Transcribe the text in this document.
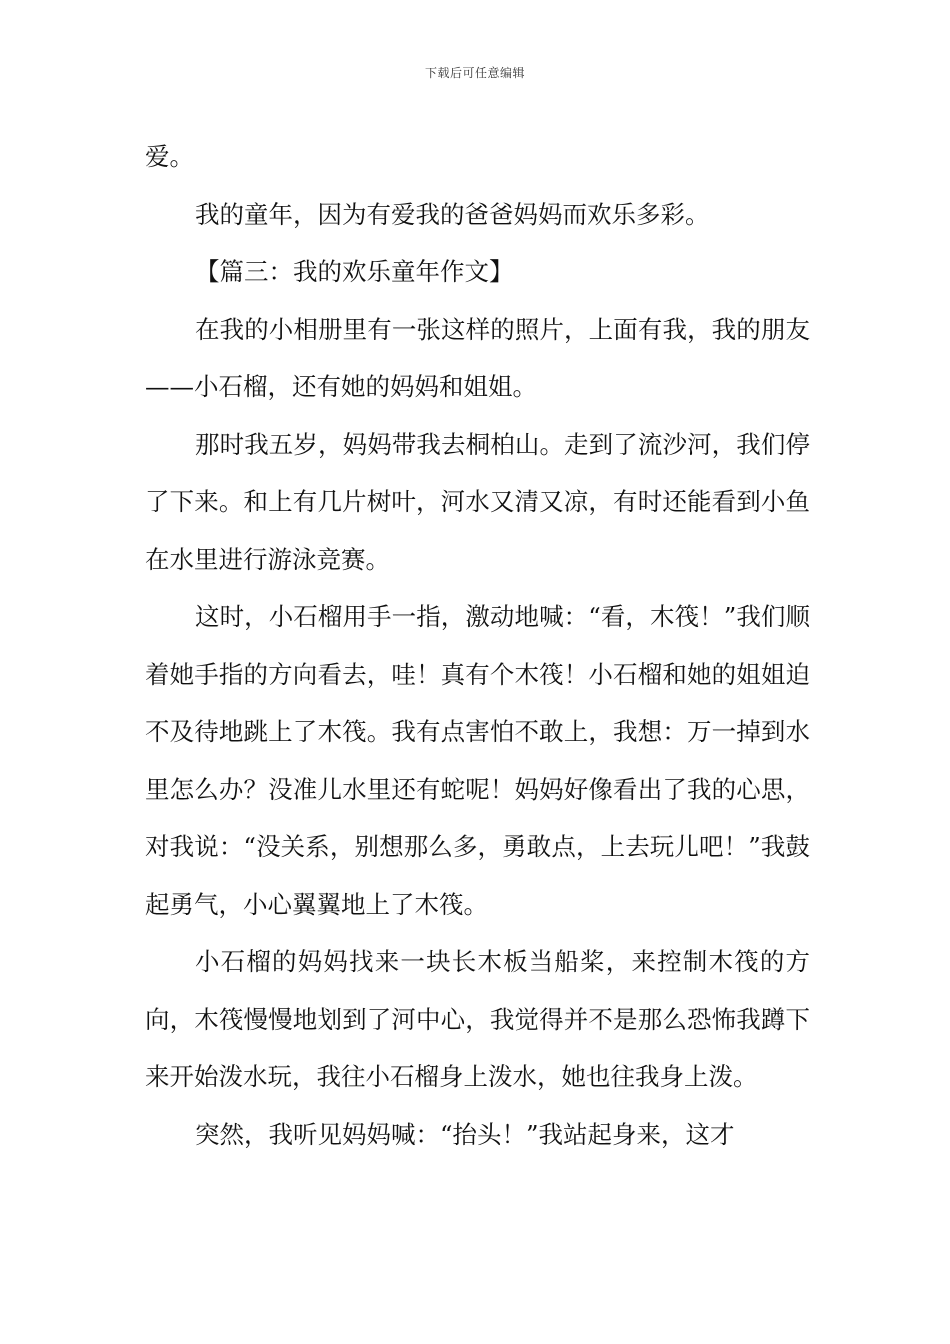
下载后可任意编辑

爱。

我的童年，因为有爱我的爸爸妈妈而欢乐多彩。

【篇三：我的欢乐童年作文】

在我的小相册里有一张这样的照片，上面有我，我的朋友——小石榴，还有她的妈妈和姐姐。

那时我五岁，妈妈带我去桐柏山。走到了流沙河，我们停了下来。和上有几片树叶，河水又清又凉，有时还能看到小鱼在水里进行游泳竞赛。

这时，小石榴用手一指，激动地喊：“看，木筏！”我们顺着她手指的方向看去，哇！真有个木筏！小石榴和她的姐姐迫不及待地跳上了木筏。我有点害怕不敢上，我想：万一掉到水里怎么办？没准儿水里还有蛇呢！妈妈好像看出了我的心思，对我说：“没关系，别想那么多，勇敢点，上去玩儿吧！”我鼓起勇气，小心翼翼地上了木筏。

小石榴的妈妈找来一块长木板当船桨，来控制木筏的方向，木筏慢慢地划到了河中心，我觉得并不是那么恐怖我蹲下来开始泼水玩，我往小石榴身上泼水，她也往我身上泼。

突然，我听见妈妈喊：“抬头！”我站起身来，这才
